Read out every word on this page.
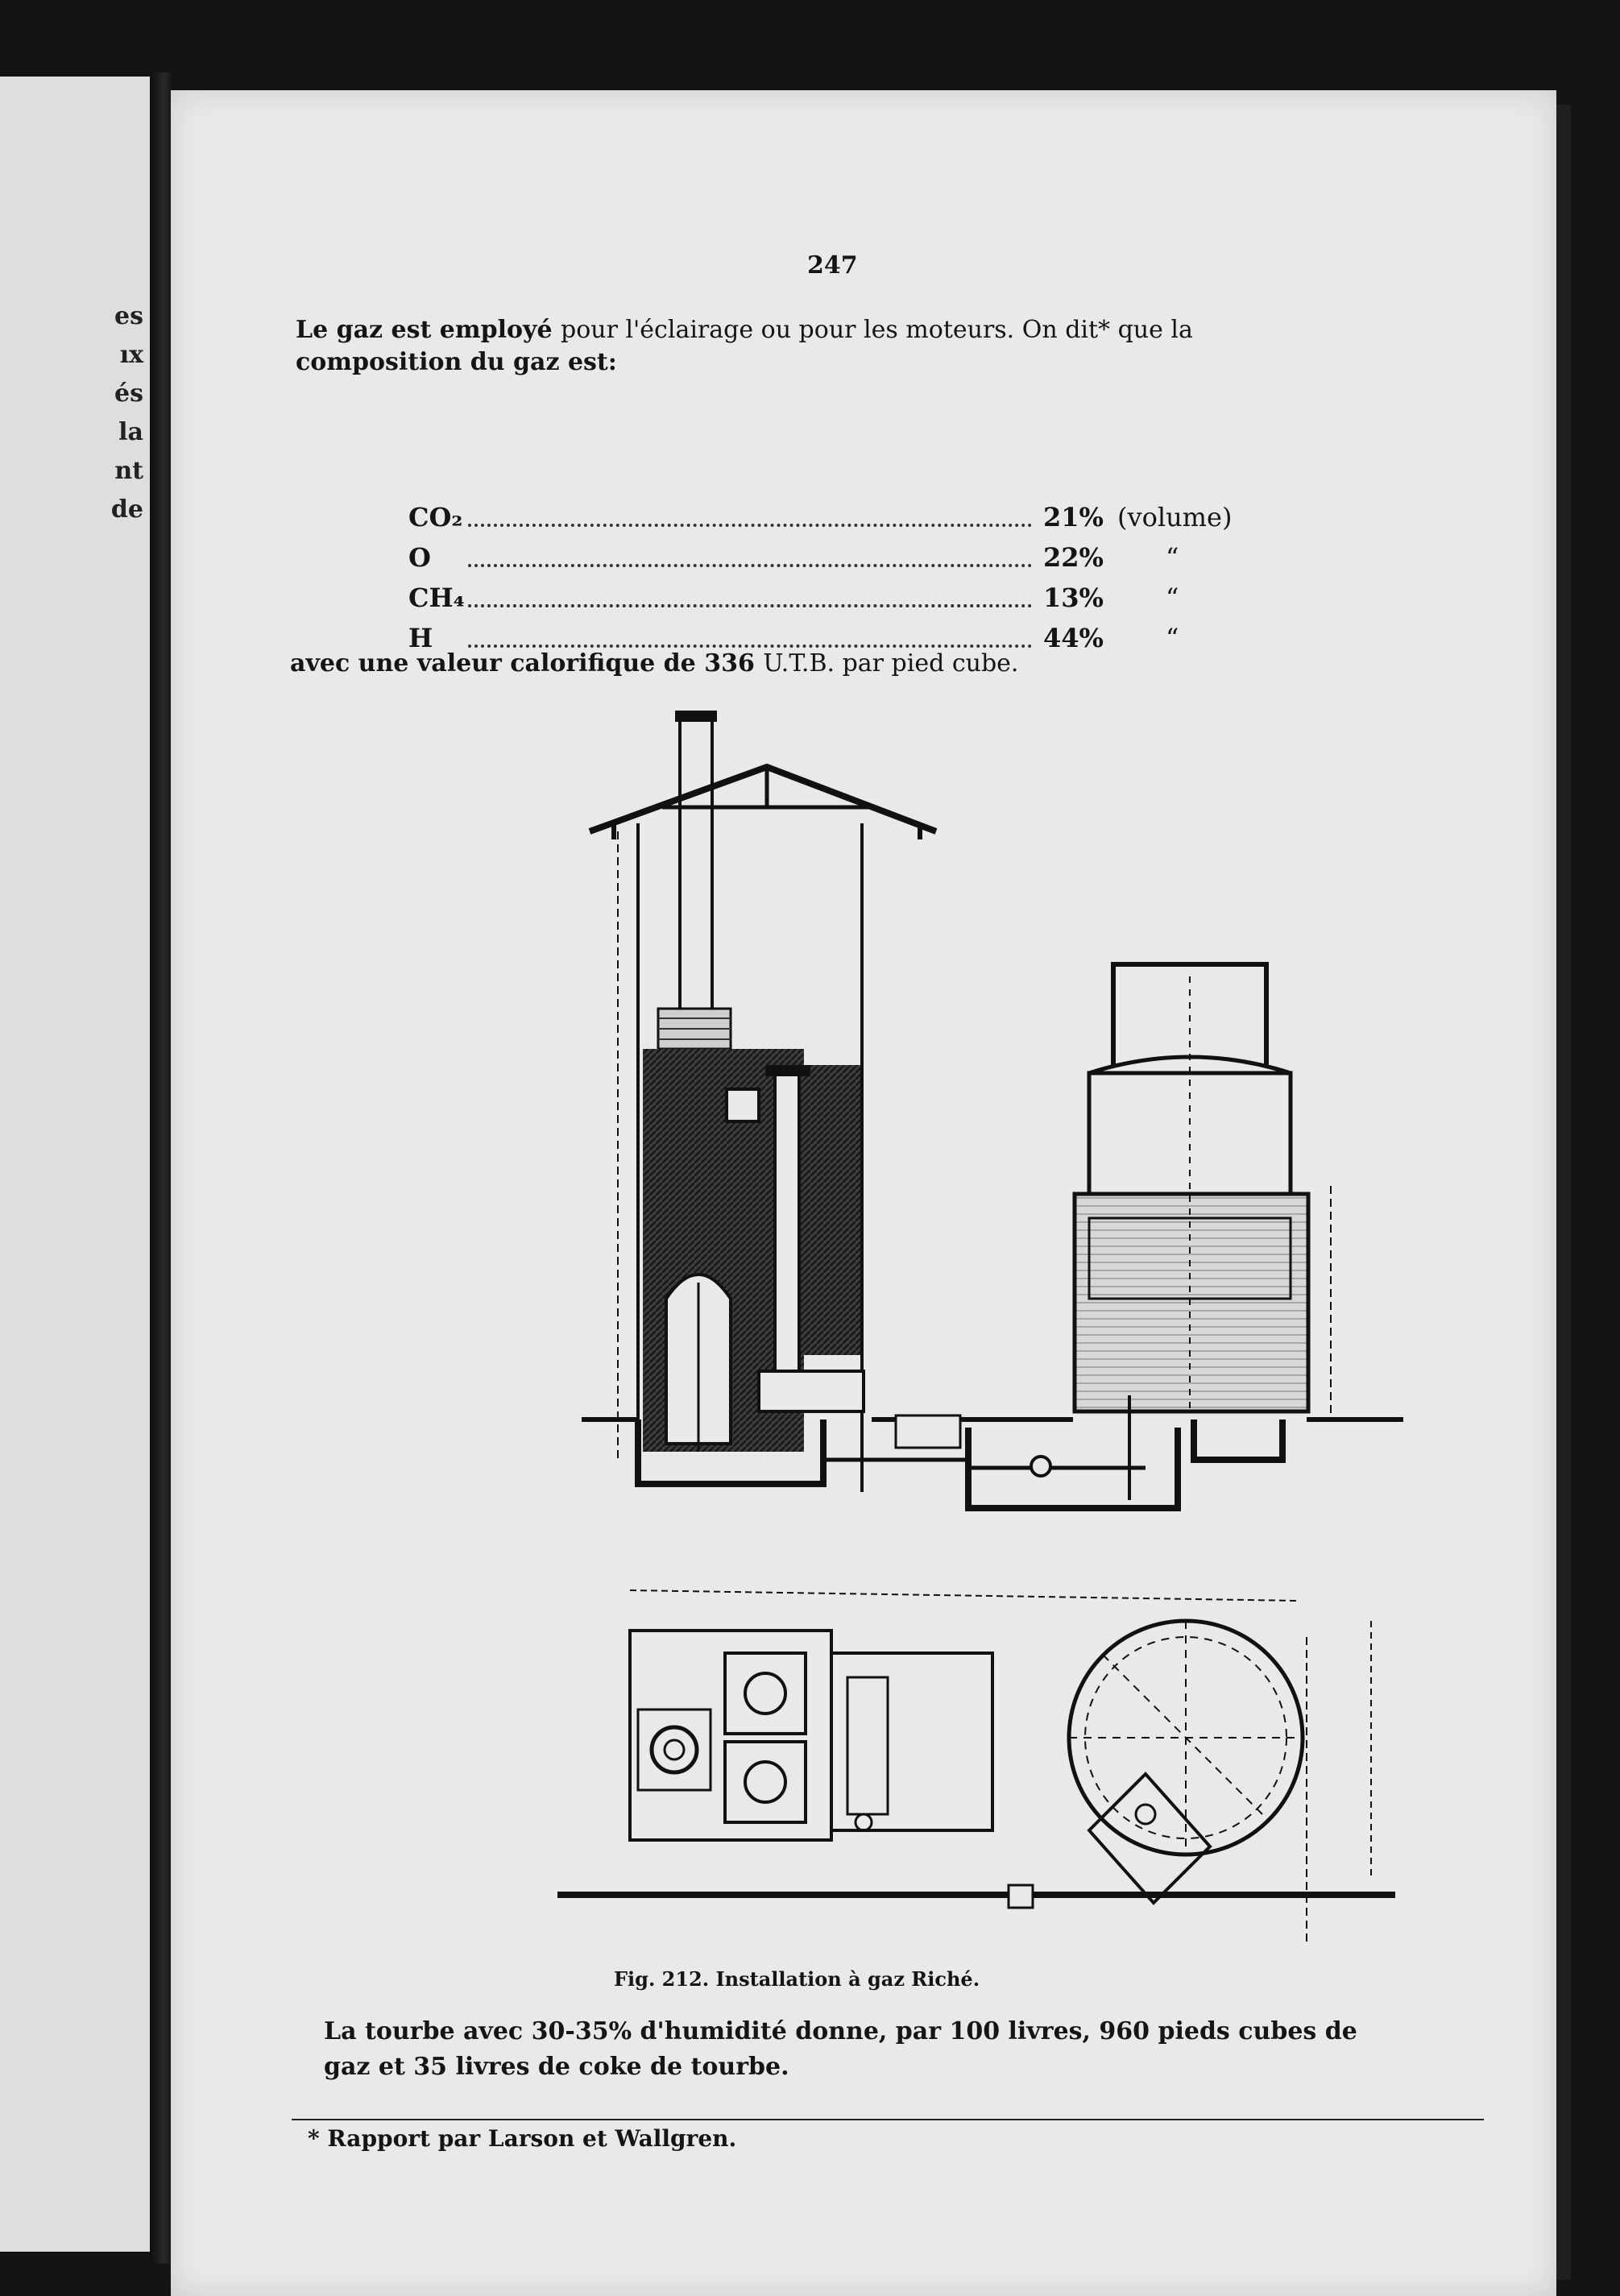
es
ıx
és
la
nt
de
247
Le gaz est employé pour l'éclairage ou pour les moteurs. On dit* que la
composition du gaz est:
CO₂	21% (volume)
O	22%	“
CH₄	13%	“
H	44%	“
avec une valeur calorifique de 336 U.T.B. par pied cube.
Fig. 212. Installation à gaz Riché.
La tourbe avec 30-35% d'humidité donne, par 100 livres, 960 pieds cubes de
gaz et 35 livres de coke de tourbe.
* Rapport par Larson et Wallgren.
